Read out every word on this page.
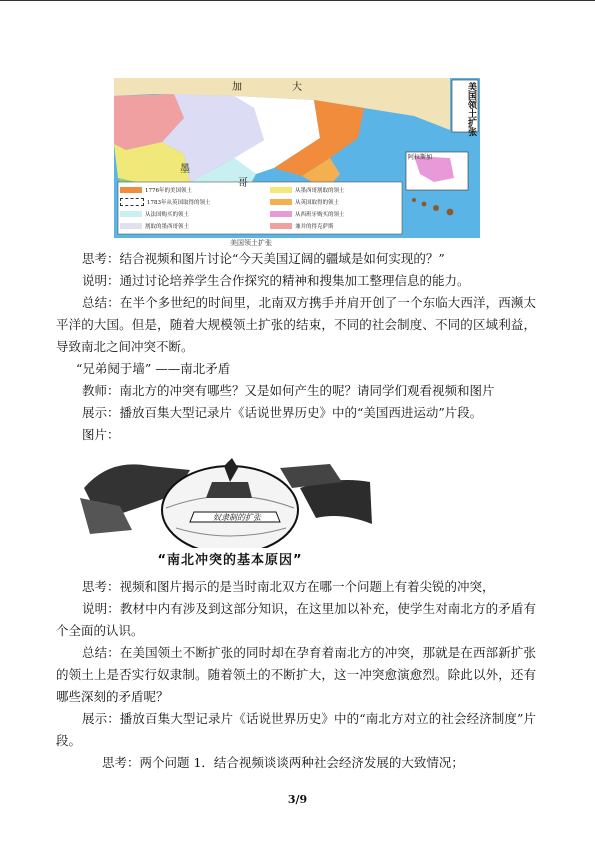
美国领土扩张
加	大
墨
哥
阿拉斯加
1776年的美国领土
1783年从英国取得的领土
从法国购买的领土
割取的墨西哥领土
从墨西哥割取的领土
从英国取得的领土
从西班牙购买的领土
兼并的得克萨斯
美国领土扩张

思考：结合视频和图片讨论“今天美国辽阔的疆域是如何实现的？”

说明：通过讨论培养学生合作探究的精神和搜集加工整理信息的能力。

总结：在半个多世纪的时间里，北南双方携手并肩开创了一个东临大西洋，西濒太平洋的大国。但是，随着大规模领土扩张的结束，不同的社会制度、不同的区域利益，导致南北之间冲突不断。

“兄弟阋于墙” ——南北矛盾

教师：南北方的冲突有哪些？又是如何产生的呢？请同学们观看视频和图片

展示：播放百集大型记录片《话说世界历史》中的“美国西进运动”片段。

图片：

奴隶制的扩张
“南北冲突的基本原因”

思考：视频和图片揭示的是当时南北双方在哪一个问题上有着尖锐的冲突，

说明：教材中内有涉及到这部分知识，在这里加以补充，使学生对南北方的矛盾有个全面的认识。

总结：在美国领土不断扩张的同时却在孕育着南北方的冲突，那就是在西部新扩张的领土上是否实行奴隶制。随着领土的不断扩大，这一冲突愈演愈烈。除此以外，还有哪些深刻的矛盾呢？

展示：播放百集大型记录片《话说世界历史》中的“南北方对立的社会经济制度”片段。

思考：两个问题 1．结合视频谈谈两种社会经济发展的大致情况；

3/9
